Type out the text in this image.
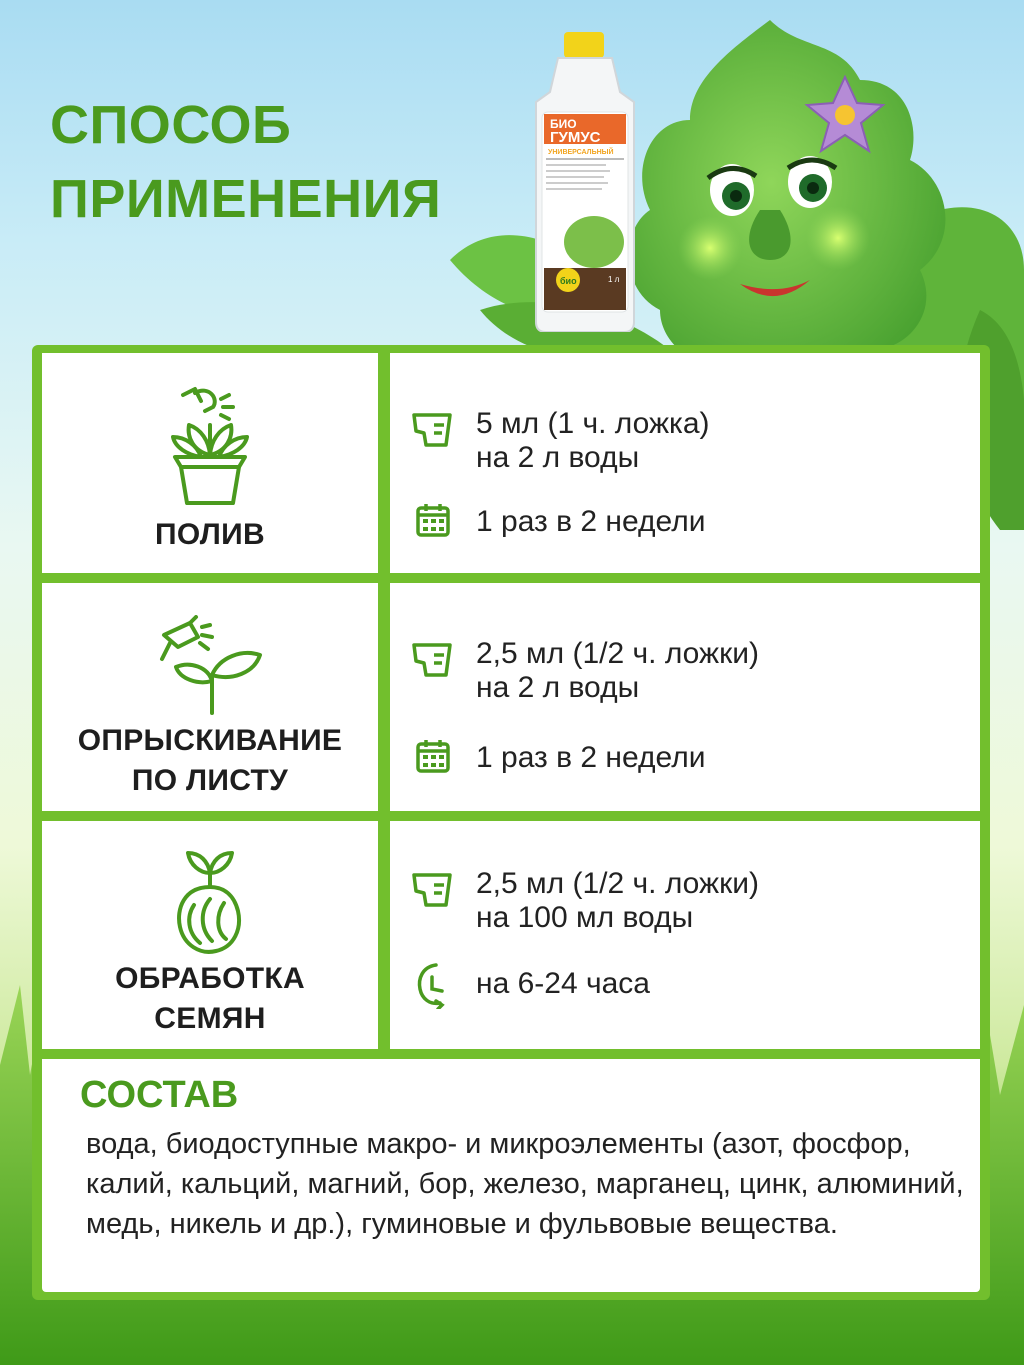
СПОСОБ
ПРИМЕНЕНИЯ
БИО
ГУМУС
УНИВЕРСАЛЬНЫЙ
био	1 л
ПОЛИВ
5 мл (1 ч. ложка)
на 2 л воды
1 раз в 2 недели
ОПРЫСКИВАНИЕ
ПО ЛИСТУ
2,5 мл (1/2 ч. ложки)
на 2 л воды
1 раз в 2 недели
ОБРАБОТКА
СЕМЯН
2,5 мл (1/2 ч. ложки)
на 100 мл воды
на 6-24 часа
СОСТАВ

вода, биодоступные макро- и микроэлементы (азот, фосфор, калий, кальций, магний, бор, железо, марганец, цинк, алюминий, медь, никель и др.), гуминовые и фульвовые вещества.
